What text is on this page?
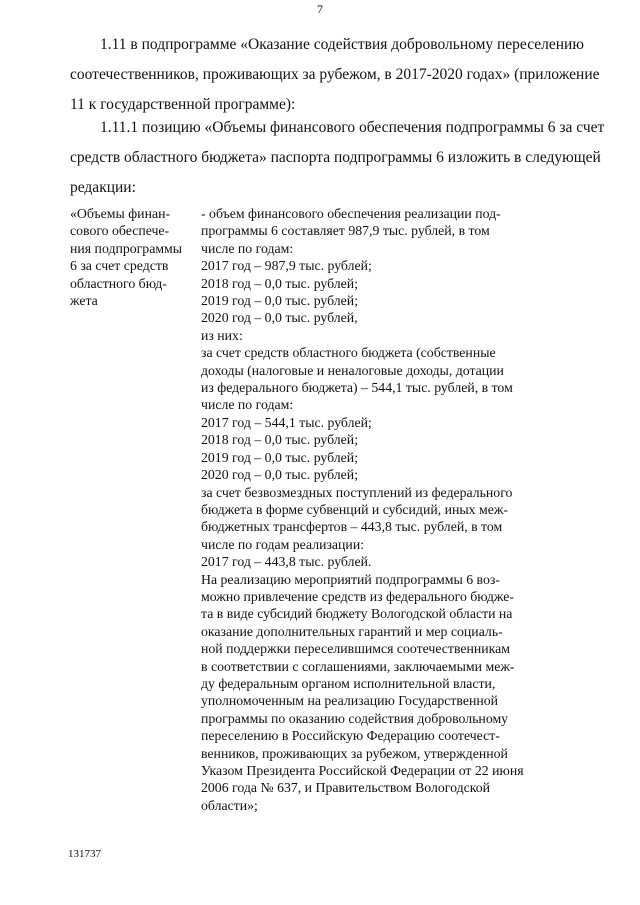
7
1.11 в подпрограмме «Оказание содействия добровольному переселению
соотечественников, проживающих за рубежом, в 2017-2020 годах» (приложение
11 к государственной программе):
1.11.1 позицию «Объемы финансового обеспечения подпрограммы 6 за счет
средств областного бюджета» паспорта подпрограммы 6 изложить в следующей
редакции:
«Объемы финан-
сового обеспече-
ния подпрограммы
6 за счет средств
областного бюд-
жета
- объем финансового обеспечения реализации под-
программы 6 составляет 987,9 тыс. рублей, в том
числе по годам:
2017 год – 987,9 тыс. рублей;
2018 год – 0,0 тыс. рублей;
2019 год – 0,0 тыс. рублей;
2020 год – 0,0 тыс. рублей,
из них:
за счет средств областного бюджета (собственные
доходы (налоговые и неналоговые доходы, дотации
из федерального бюджета) – 544,1 тыс. рублей, в том
числе по годам:
2017 год – 544,1 тыс. рублей;
2018 год – 0,0 тыс. рублей;
2019 год – 0,0 тыс. рублей;
2020 год – 0,0 тыс. рублей;
за счет безвозмездных поступлений из федерального
бюджета в форме субвенций и субсидий, иных меж-
бюджетных трансфертов – 443,8 тыс. рублей, в том
числе по годам реализации:
2017 год – 443,8 тыс. рублей.
На реализацию мероприятий подпрограммы 6 воз-
можно привлечение средств из федерального бюдже-
та в виде субсидий бюджету Вологодской области на
оказание дополнительных гарантий и мер социаль-
ной поддержки переселившимся соотечественникам
в соответствии с соглашениями, заключаемыми меж-
ду федеральным органом исполнительной власти,
уполномоченным на реализацию Государственной
программы по оказанию содействия добровольному
переселению в Российскую Федерацию соотечест-
венников, проживающих за рубежом, утвержденной
Указом Президента Российской Федерации от 22 июня
2006 года № 637, и Правительством Вологодской
области»;
131737
